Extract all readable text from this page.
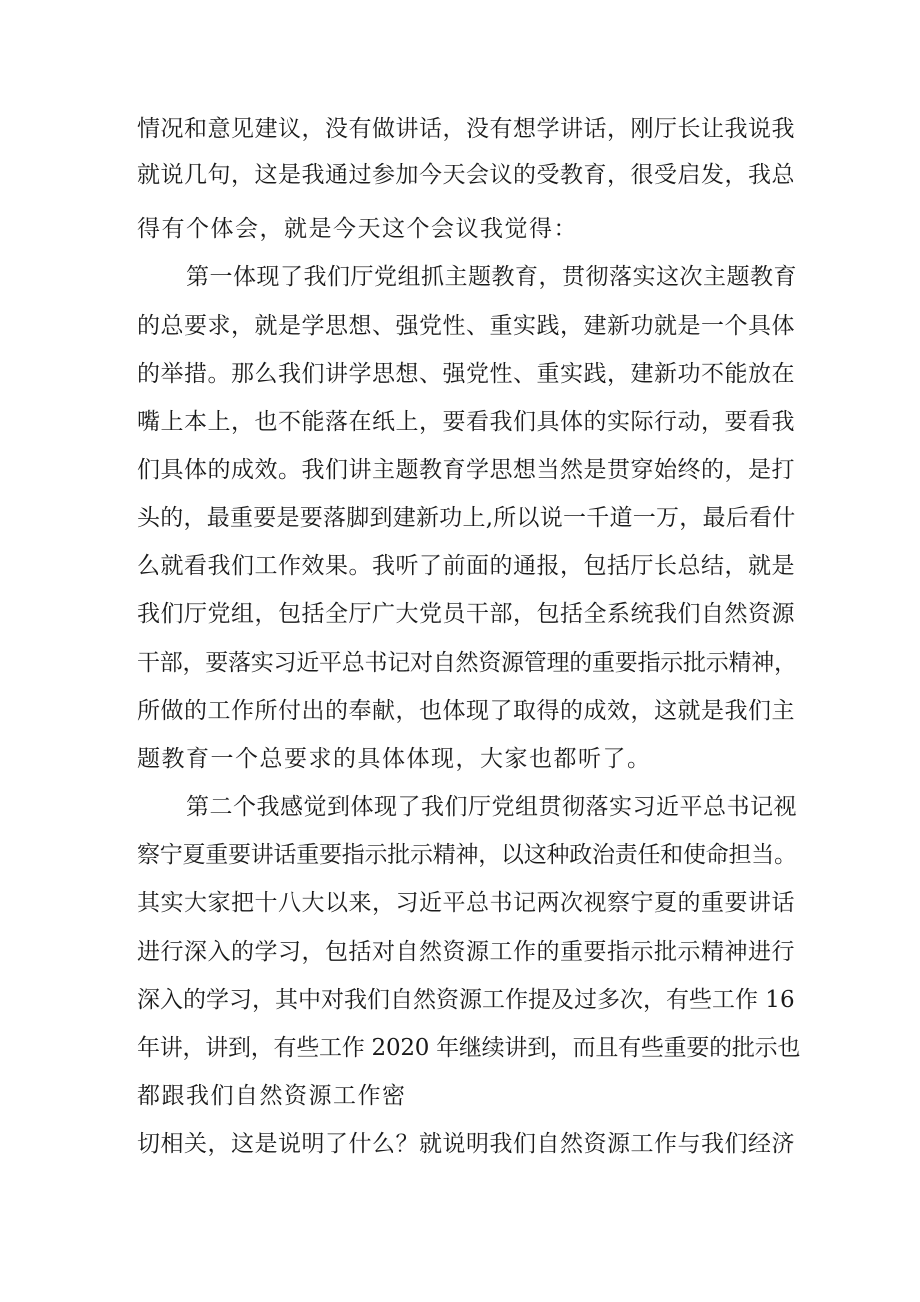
情况和意见建议，没有做讲话，没有想学讲话，刚厅长让我说我
就说几句，这是我通过参加今天会议的受教育，很受启发，我总
得有个体会，就是今天这个会议我觉得：
第一体现了我们厅党组抓主题教育，贯彻落实这次主题教育
的总要求，就是学思想、强党性、重实践，建新功就是一个具体
的举措。那么我们讲学思想、强党性、重实践，建新功不能放在
嘴上本上，也不能落在纸上，要看我们具体的实际行动，要看我
们具体的成效。我们讲主题教育学思想当然是贯穿始终的，是打
头的，最重要是要落脚到建新功上,所以说一千道一万，最后看什
么就看我们工作效果。我听了前面的通报，包括厅长总结，就是
我们厅党组，包括全厅广大党员干部，包括全系统我们自然资源
干部，要落实习近平总书记对自然资源管理的重要指示批示精神，
所做的工作所付出的奉献，也体现了取得的成效，这就是我们主
题教育一个总要求的具体体现，大家也都听了。
第二个我感觉到体现了我们厅党组贯彻落实习近平总书记视
察宁夏重要讲话重要指示批示精神，以这种政治责任和使命担当。
其实大家把十八大以来，习近平总书记两次视察宁夏的重要讲话
进行深入的学习，包括对自然资源工作的重要指示批示精神进行
深入的学习，其中对我们自然资源工作提及过多次，有些工作 16
年讲，讲到，有些工作 2020 年继续讲到，而且有些重要的批示也
都跟我们自然资源工作密
切相关，这是说明了什么？就说明我们自然资源工作与我们经济
